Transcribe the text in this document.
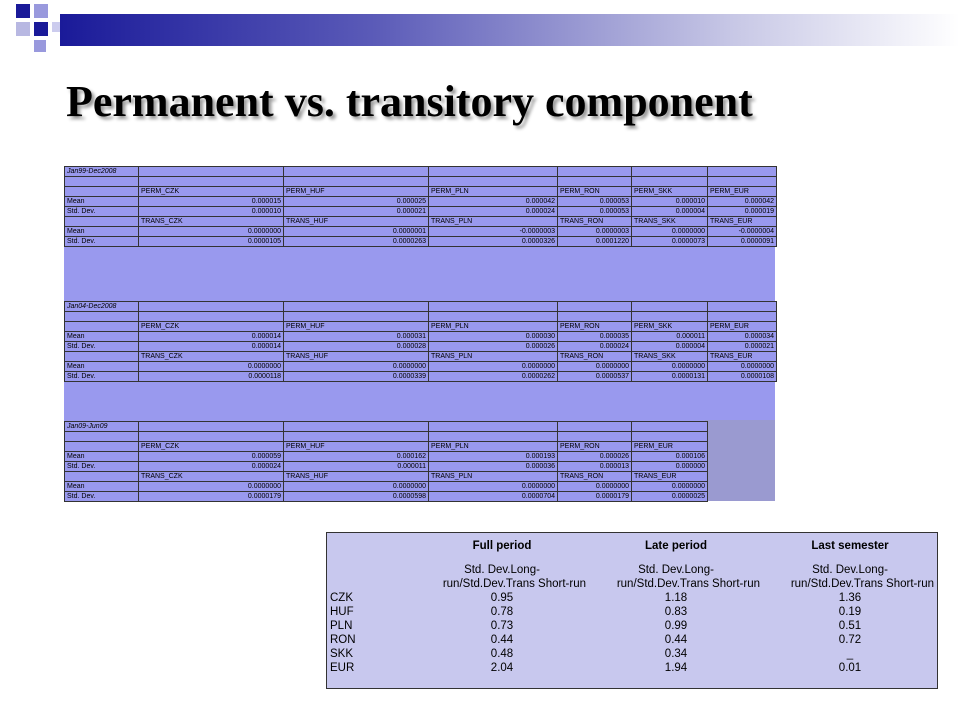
Permanent vs. transitory component
Jan99-Dec2008						

	PERM_CZK	PERM_HUF	PERM_PLN	PERM_RON	PERM_SKK	PERM_EUR
Mean	0.000015	0.000025	0.000042	0.000053	0.000010	0.000042
Std. Dev.	0.000010	0.000021	0.000024	0.000053	0.000004	0.000019
	TRANS_CZK	TRANS_HUF	TRANS_PLN	TRANS_RON	TRANS_SKK	TRANS_EUR
Mean	0.0000000	0.0000001	-0.0000003	0.0000003	0.0000000	-0.0000004
Std. Dev.	0.0000105	0.0000263	0.0000326	0.0001220	0.0000073	0.0000091
Jan04-Dec2008						

	PERM_CZK	PERM_HUF	PERM_PLN	PERM_RON	PERM_SKK	PERM_EUR
Mean	0.000014	0.000031	0.000030	0.000035	0.000011	0.000034
Std. Dev.	0.000014	0.000028	0.000026	0.000024	0.000004	0.000021
	TRANS_CZK	TRANS_HUF	TRANS_PLN	TRANS_RON	TRANS_SKK	TRANS_EUR
Mean	0.0000000	0.0000000	0.0000000	0.0000000	0.0000000	0.0000000
Std. Dev.	0.0000118	0.0000339	0.0000262	0.0000537	0.0000131	0.0000108
Jan09-Jun09					

	PERM_CZK	PERM_HUF	PERM_PLN	PERM_RON	PERM_EUR
Mean	0.000059	0.000162	0.000193	0.000026	0.000106
Std. Dev.	0.000024	0.000011	0.000036	0.000013	0.000000
	TRANS_CZK	TRANS_HUF	TRANS_PLN	TRANS_RON	TRANS_EUR
Mean	0.0000000	0.0000000	0.0000000	0.0000000	0.0000000
Std. Dev.	0.0000179	0.0000598	0.0000704	0.0000179	0.0000025
	Full period	Late period	Last semester
	Std. Dev.Long-	Std. Dev.Long-	Std. Dev.Long-
	run/Std.Dev.Trans Short-run	run/Std.Dev.Trans Short-run	run/Std.Dev.Trans Short-run
CZK	0.95	1.18	1.36
HUF	0.78	0.83	0.19
PLN	0.73	0.99	0.51
RON	0.44	0.44	0.72
SKK	0.48	0.34	_
EUR	2.04	1.94	0.01
